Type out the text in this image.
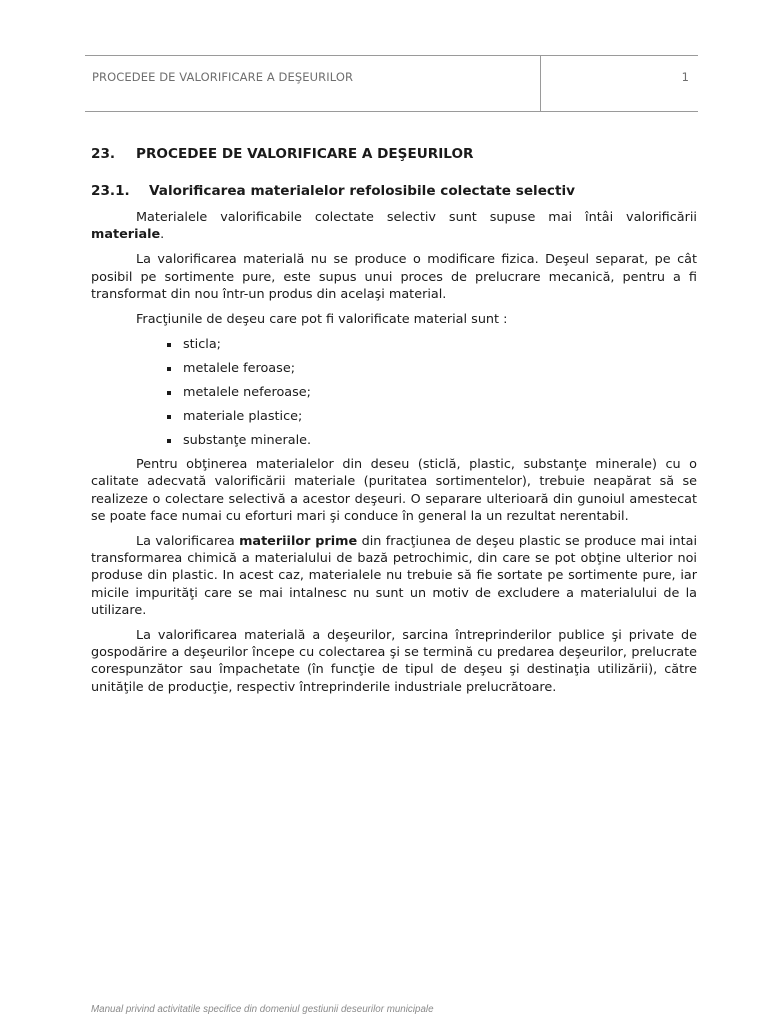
PROCEDEE DE VALORIFICARE A DEŞEURILOR	1
23. PROCEDEE DE VALORIFICARE A DEŞEURILOR
23.1. Valorificarea materialelor refolosibile colectate selectiv

Materialele valorificabile colectate selectiv sunt supuse mai întâi valorificării materiale.

La valorificarea materială nu se produce o modificare fizica. Deşeul separat, pe cât posibil pe sortimente pure, este supus unui proces de prelucrare mecanică, pentru a fi transformat din nou într-un produs din acelaşi material.

Fracţiunile de deşeu care pot fi valorificate material sunt :

sticla;
metalele feroase;
metalele neferoase;
materiale plastice;
substanţe minerale.

Pentru obţinerea materialelor din deseu (sticlă, plastic, substanţe minerale) cu o calitate adecvată valorificării materiale (puritatea sortimentelor), trebuie neapărat să se realizeze o colectare selectivă a acestor deşeuri. O separare ulterioară din gunoiul amestecat se poate face numai cu eforturi mari şi conduce în general la un rezultat nerentabil.

La valorificarea materiilor prime din fracţiunea de deşeu plastic se produce mai intai transformarea chimică a materialului de bază petrochimic, din care se pot obţine ulterior noi produse din plastic. In acest caz, materialele nu trebuie să fie sortate pe sortimente pure, iar micile impurităţi care se mai intalnesc nu sunt un motiv de excludere a materialului de la utilizare.

La valorificarea materială a deşeurilor, sarcina întreprinderilor publice şi private de gospodărire a deşeurilor începe cu colectarea şi se termină cu predarea deşeurilor, prelucrate corespunzător sau împachetate (în funcţie de tipul de deşeu şi destinaţia utilizării), către unităţile de producţie, respectiv întreprinderile industriale prelucrătoare.

Manual privind activitatile specifice din domeniul gestiunii deseurilor municipale
